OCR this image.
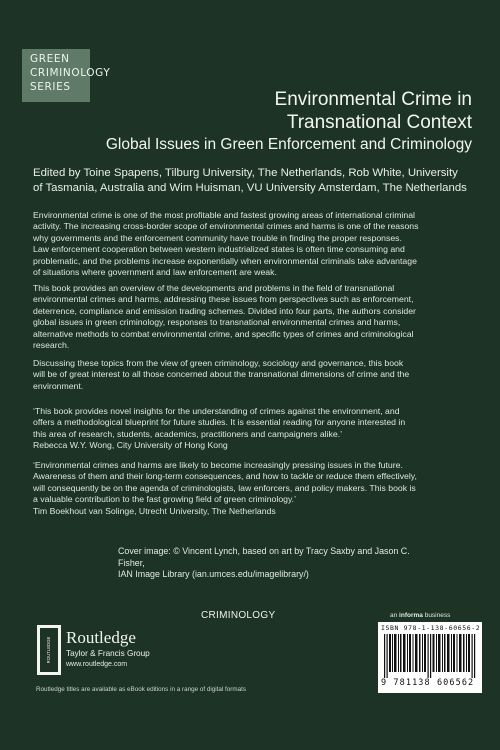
GREEN
CRIMINOLOGY
SERIES
Environmental Crime in
Transnational Context
Global Issues in Green Enforcement and Criminology
Edited by Toine Spapens, Tilburg University, The Netherlands, Rob White, University
of Tasmania, Australia and Wim Huisman, VU University Amsterdam, The Netherlands
Environmental crime is one of the most profitable and fastest growing areas of international criminal
activity. The increasing cross-border scope of environmental crimes and harms is one of the reasons
why governments and the enforcement community have trouble in finding the proper responses.
Law enforcement cooperation between western industrialized states is often time consuming and
problematic, and the problems increase exponentially when environmental criminals take advantage
of situations where government and law enforcement are weak.
This book provides an overview of the developments and problems in the field of transnational
environmental crimes and harms, addressing these issues from perspectives such as enforcement,
deterrence, compliance and emission trading schemes. Divided into four parts, the authors consider
global issues in green criminology, responses to transnational environmental crimes and harms,
alternative methods to combat environmental crime, and specific types of crimes and criminological
research.
Discussing these topics from the view of green criminology, sociology and governance, this book
will be of great interest to all those concerned about the transnational dimensions of crime and the
environment.
‘This book provides novel insights for the understanding of crimes against the environment, and
offers a methodological blueprint for future studies. It is essential reading for anyone interested in
this area of research, students, academics, practitioners and campaigners alike.’
Rebecca W.Y. Wong, City University of Hong Kong
‘Environmental crimes and harms are likely to become increasingly pressing issues in the future.
Awareness of them and their long-term consequences, and how to tackle or reduce them effectively,
will consequently be on the agenda of criminologists, law enforcers, and policy makers. This book is
a valuable contribution to the fast growing field of green criminology.’
Tim Boekhout van Solinge, Utrecht University, The Netherlands
Cover image: © Vincent Lynch, based on art by Tracy Saxby and Jason C. Fisher,
IAN Image Library (ian.umces.edu/imagelibrary/)
CRIMINOLOGY	an informa business
ISBN 978-1-138-60656-2
9 781138 606562
ROUTLEDGE Routledge
Taylor & Francis Group
www.routledge.com
Routledge titles are available as eBook editions in a range of digital formats
